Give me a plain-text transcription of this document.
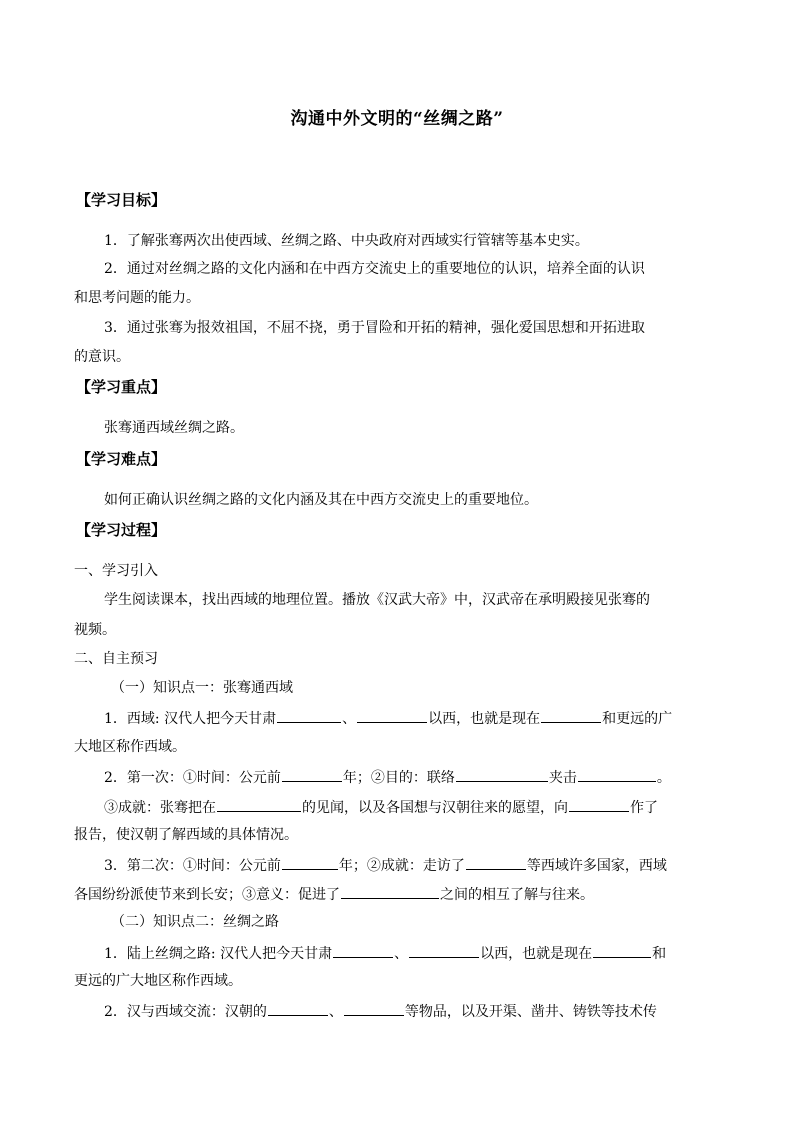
沟通中外文明的“丝绸之路”
【学习目标】
1．了解张骞两次出使西域、丝绸之路、中央政府对西域实行管辖等基本史实。
2．通过对丝绸之路的文化内涵和在中西方交流史上的重要地位的认识，培养全面的认识
和思考问题的能力。
3．通过张骞为报效祖国，不屈不挠，勇于冒险和开拓的精神，强化爱国思想和开拓进取
的意识。
【学习重点】
张骞通西域丝绸之路。
【学习难点】
如何正确认识丝绸之路的文化内涵及其在中西方交流史上的重要地位。
【学习过程】
一、学习引入
学生阅读课本，找出西域的地理位置。播放《汉武大帝》中，汉武帝在承明殿接见张骞的
视频。
二、自主预习
（一）知识点一：张骞通西域
1．西域: 汉代人把今天甘肃	、	以西，也就是现在	和更远的广
大地区称作西域。
2．第一次：①时间：公元前	年；②目的：联络	夹击	。
③成就：张骞把在	的见闻，以及各国想与汉朝往来的愿望，向	作了
报告，使汉朝了解西域的具体情况。
3．第二次：①时间：公元前	年；②成就：走访了	等西域许多国家，西域
各国纷纷派使节来到长安；③意义：促进了	之间的相互了解与往来。
（二）知识点二：丝绸之路
1．陆上丝绸之路: 汉代人把今天甘肃	、	以西，也就是现在	和
更远的广大地区称作西域。
2．汉与西域交流：汉朝的	、	等物品，以及开渠、凿井、铸铁等技术传
